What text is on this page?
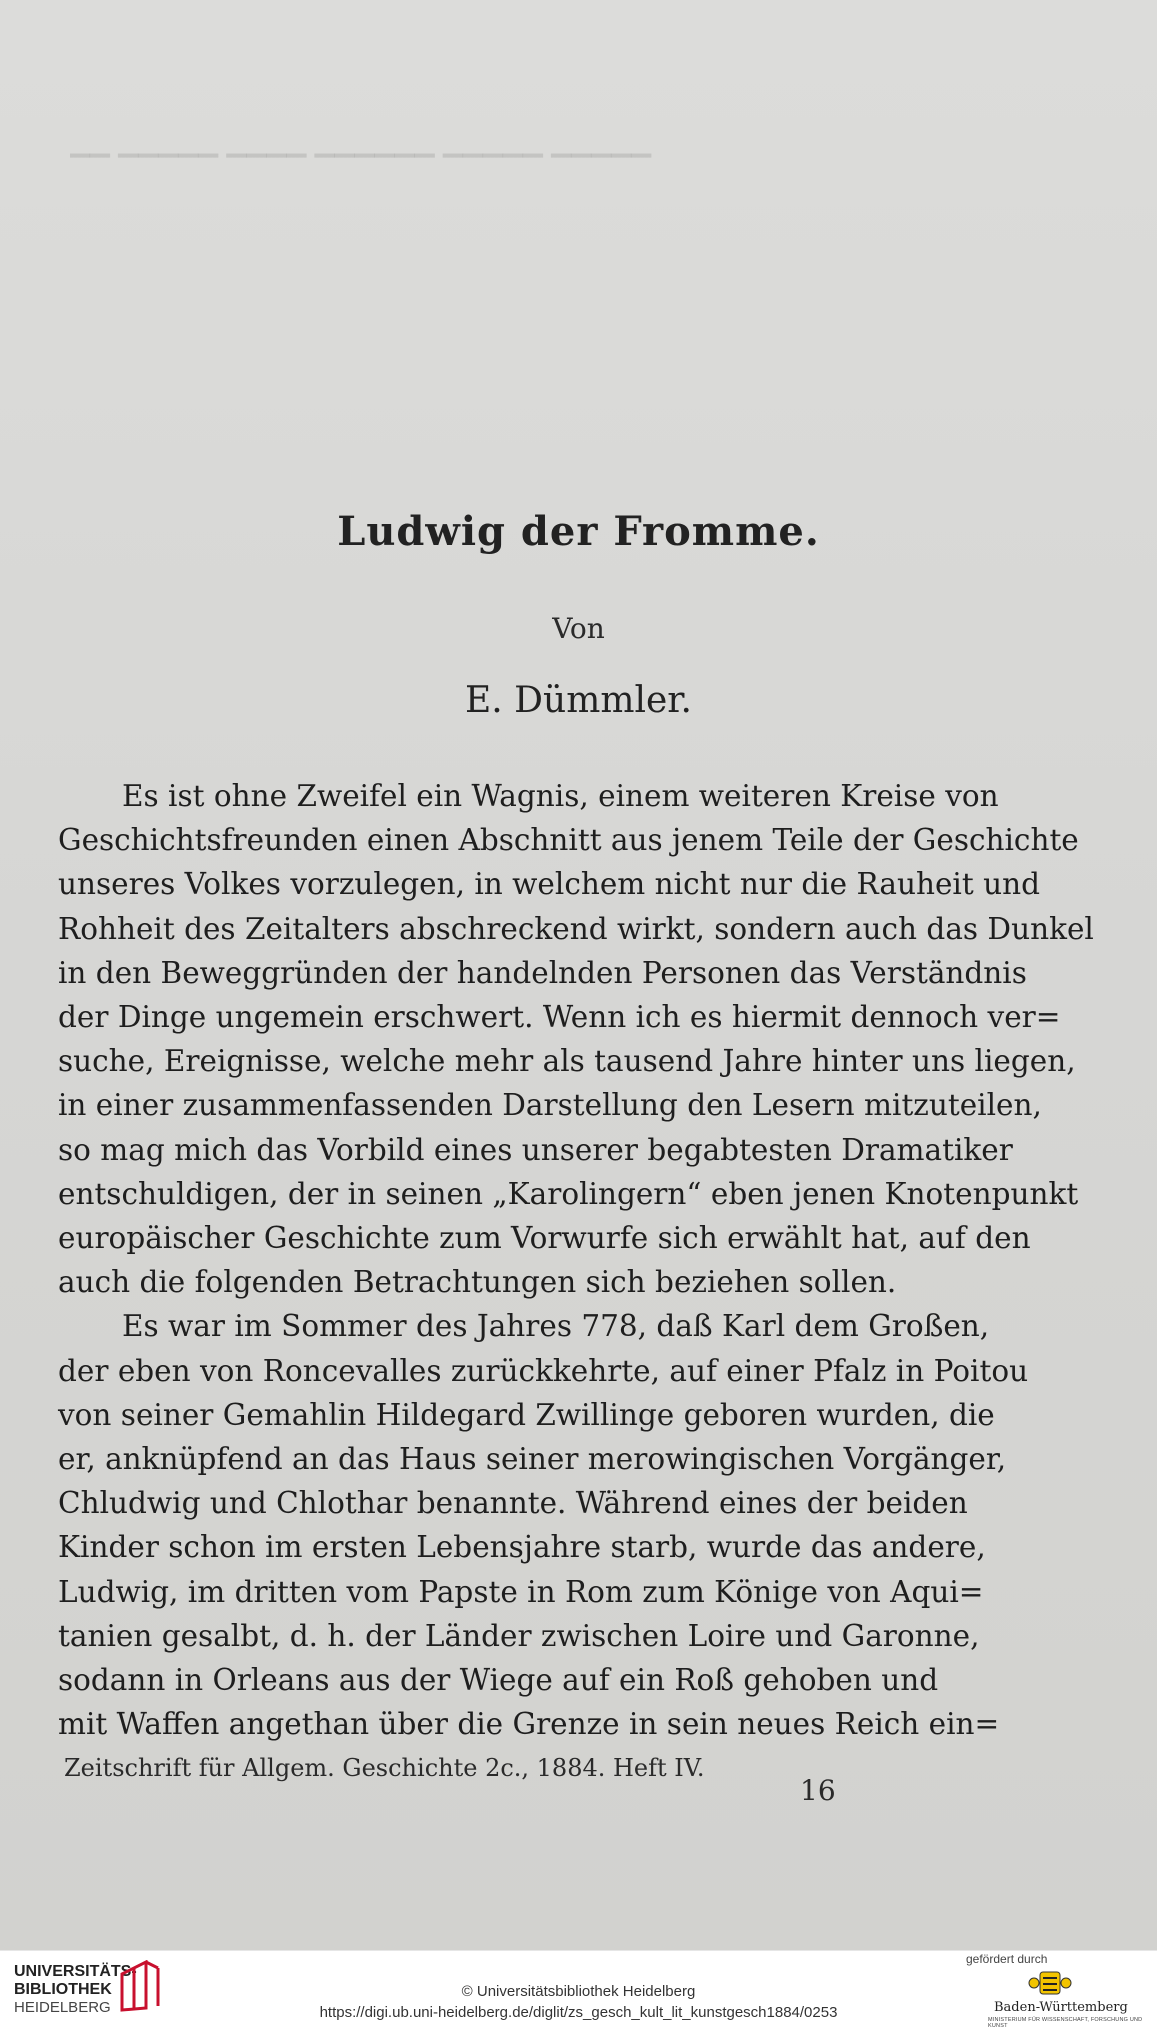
▔▔ ▔▔▔▔▔ ▔▔▔▔ ▔▔▔▔▔▔ ▔▔▔▔▔ ▔▔▔▔▔
Ludwig der Fromme.
Von
E. Dümmler.
Es ist ohne Zweifel ein Wagnis, einem weiteren Kreise von
Geschichtsfreunden einen Abschnitt aus jenem Teile der Geschichte
unseres Volkes vorzulegen, in welchem nicht nur die Rauheit und
Rohheit des Zeitalters abschreckend wirkt, sondern auch das Dunkel
in den Beweggründen der handelnden Personen das Verständnis
der Dinge ungemein erschwert. Wenn ich es hiermit dennoch ver=
suche, Ereignisse, welche mehr als tausend Jahre hinter uns liegen,
in einer zusammenfassenden Darstellung den Lesern mitzuteilen,
so mag mich das Vorbild eines unserer begabtesten Dramatiker
entschuldigen, der in seinen „Karolingern“ eben jenen Knotenpunkt
europäischer Geschichte zum Vorwurfe sich erwählt hat, auf den
auch die folgenden Betrachtungen sich beziehen sollen.
Es war im Sommer des Jahres 778, daß Karl dem Großen,
der eben von Roncevalles zurückkehrte, auf einer Pfalz in Poitou
von seiner Gemahlin Hildegard Zwillinge geboren wurden, die
er, anknüpfend an das Haus seiner merowingischen Vorgänger,
Chludwig und Chlothar benannte. Während eines der beiden
Kinder schon im ersten Lebensjahre starb, wurde das andere,
Ludwig, im dritten vom Papste in Rom zum Könige von Aqui=
tanien gesalbt, d. h. der Länder zwischen Loire und Garonne,
sodann in Orleans aus der Wiege auf ein Roß gehoben und
mit Waffen angethan über die Grenze in sein neues Reich ein=
Zeitschrift für Allgem. Geschichte 2c., 1884. Heft IV.
16
UNIVERSITÄTS-
BIBLIOTHEK
HEIDELBERG
© Universitätsbibliothek Heidelberg
https://digi.ub.uni-heidelberg.de/diglit/zs_gesch_kult_lit_kunstgesch1884/0253
gefördert durch
Baden-Württemberg
MINISTERIUM FÜR WISSENSCHAFT, FORSCHUNG UND KUNST
